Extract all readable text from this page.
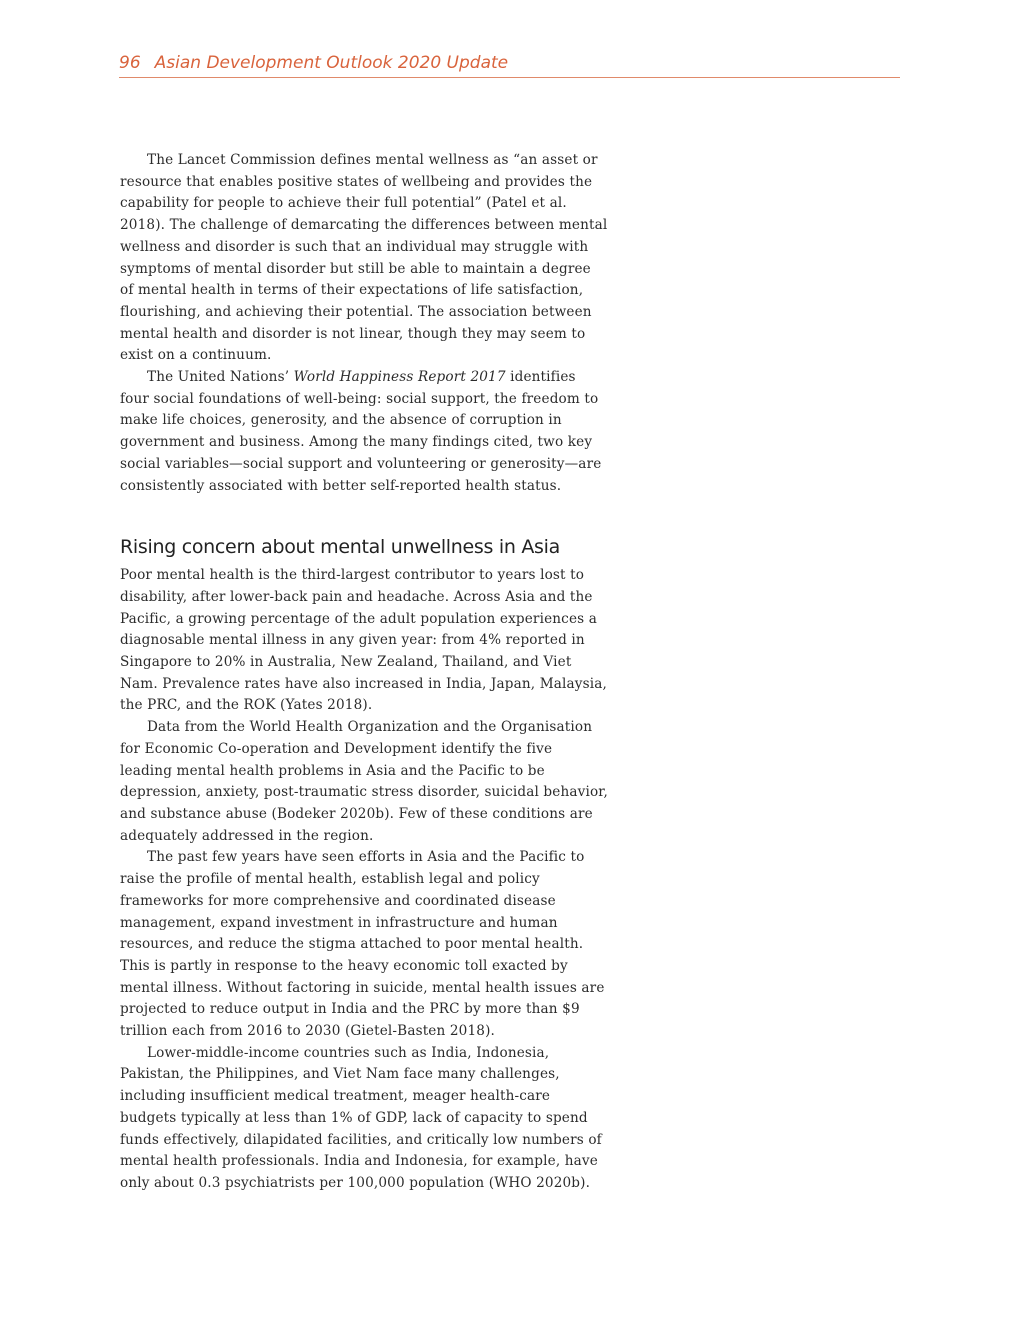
96 Asian Development Outlook 2020 Update

The Lancet Commission defines mental wellness as “an asset or resource that enables positive states of wellbeing and provides the capability for people to achieve their full potential” (Patel et al. 2018). The challenge of demarcating the differences between mental wellness and disorder is such that an individual may struggle with symptoms of mental disorder but still be able to maintain a degree of mental health in terms of their expectations of life satisfaction, flourishing, and achieving their potential. The association between mental health and disorder is not linear, though they may seem to exist on a continuum.

The United Nations’ World Happiness Report 2017 identifies four social foundations of well-being: social support, the freedom to make life choices, generosity, and the absence of corruption in government and business. Among the many findings cited, two key social variables—social support and volunteering or generosity—are consistently associated with better self-reported health status.

Rising concern about mental unwellness in Asia

Poor mental health is the third-largest contributor to years lost to disability, after lower-back pain and headache. Across Asia and the Pacific, a growing percentage of the adult population experiences a diagnosable mental illness in any given year: from 4% reported in Singapore to 20% in Australia, New Zealand, Thailand, and Viet Nam. Prevalence rates have also increased in India, Japan, Malaysia, the PRC, and the ROK (Yates 2018).

Data from the World Health Organization and the Organisation for Economic Co-operation and Development identify the five leading mental health problems in Asia and the Pacific to be depression, anxiety, post-traumatic stress disorder, suicidal behavior, and substance abuse (Bodeker 2020b). Few of these conditions are adequately addressed in the region.

The past few years have seen efforts in Asia and the Pacific to raise the profile of mental health, establish legal and policy frameworks for more comprehensive and coordinated disease management, expand investment in infrastructure and human resources, and reduce the stigma attached to poor mental health. This is partly in response to the heavy economic toll exacted by mental illness. Without factoring in suicide, mental health issues are projected to reduce output in India and the PRC by more than $9 trillion each from 2016 to 2030 (Gietel-Basten 2018).

Lower-middle-income countries such as India, Indonesia, Pakistan, the Philippines, and Viet Nam face many challenges, including insufficient medical treatment, meager health-care budgets typically at less than 1% of GDP, lack of capacity to spend funds effectively, dilapidated facilities, and critically low numbers of mental health professionals. India and Indonesia, for example, have only about 0.3 psychiatrists per 100,000 population (WHO 2020b).
